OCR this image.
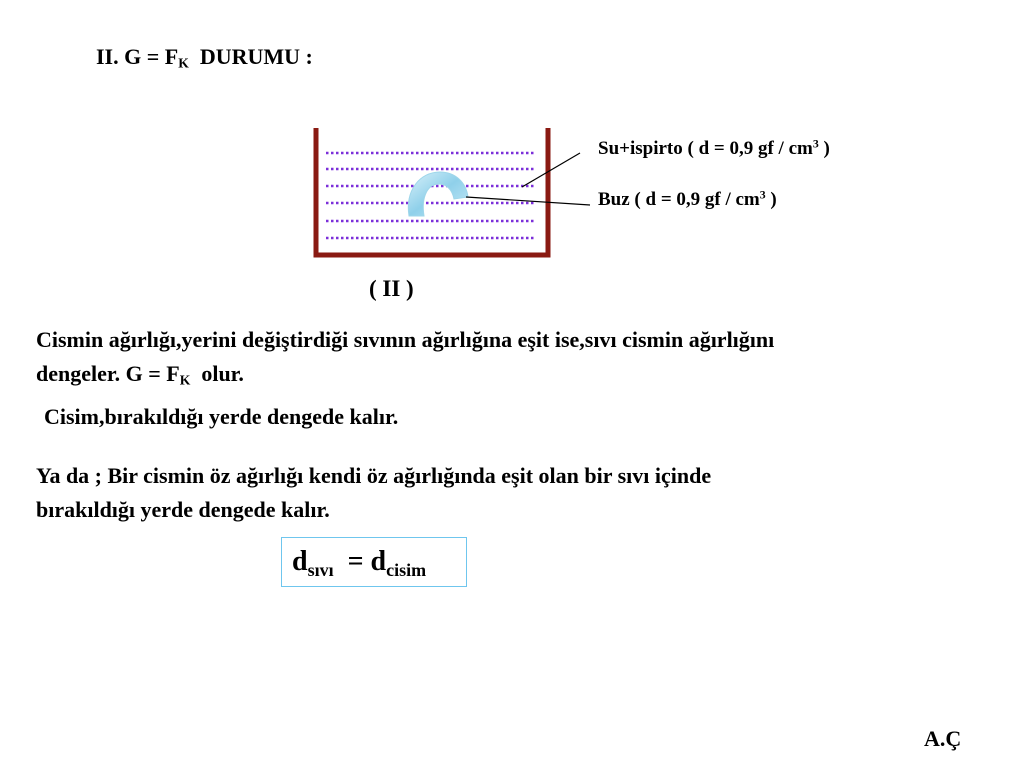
II. $G = F_K$ DURUMU :
Su+ispirto ( d = 0,9 gf / $cm^3$ )
Buz ( d = 0,9 gf / $cm^3$ )
( II )
Cismin ağırlığı,yerini değiştirdiği sıvının ağırlığına eşit ise,sıvı cismin ağırlığını
dengeler. $G = F_K$ olur.
Cisim,bırakıldığı yerde dengede kalır.
Ya da ; Bir cismin öz ağırlığı kendi öz ağırlığında eşit olan bir sıvı içinde
bırakıldığı yerde dengede kalır.
$d_{sıvı} = d_{cisim}$
A.Ç
